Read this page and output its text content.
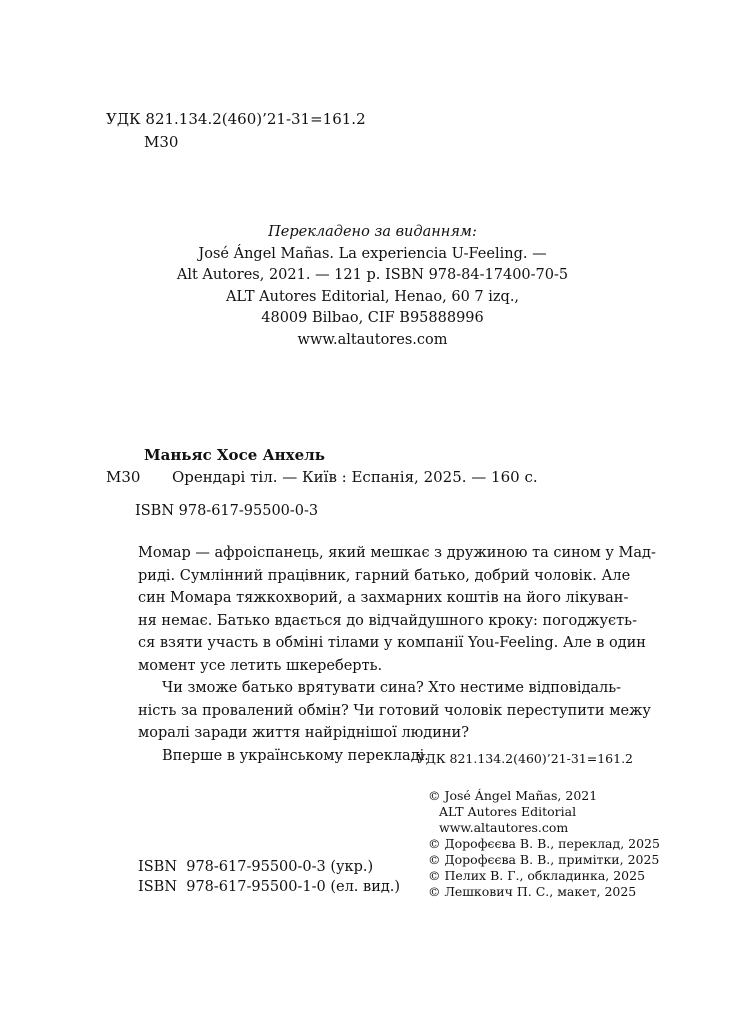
УДК 821.134.2(460)’21-31=161.2
М30
Перекладено за виданням:
José Ángel Mañas. La experiencia U-Feeling. —
Alt Autores, 2021. — 121 p. ISBN 978-84-17400-70-5
ALT Autores Editorial, Henao, 60 7 izq.,
48009 Bilbao, CIF B95888996
www.altautores.com
Маньяс Хосе Анхель
М30 Орендарі тіл. — Київ : Еспанія, 2025. — 160 с.
ISBN 978-617-95500-0-3
Момар — афроіспанець, який мешкає з дружиною та сином у Мад-
риді. Сумлінний працівник, гарний батько, добрий чоловік. Але
син Момара тяжкохворий, а захмарних коштів на його лікуван-
ня немає. Батько вдається до відчайдушного кроку: погоджуєть-
ся взяти участь в обміні тілами у компанії You-Feeling. Але в один
момент усе летить шкереберть.
Чи зможе батько врятувати сина? Хто нестиме відповідаль-
ність за провалений обмін? Чи готовий чоловік переступити межу
моралі заради життя найріднішої людини?
Вперше в українському перекладі.
УДК 821.134.2(460)’21-31=161.2
© José Ángel Mañas, 2021
ALT Autores Editorial
www.altautores.com
© Дорофєєва В. В., переклад, 2025
© Дорофєєва В. В., примітки, 2025
© Пелих В. Г., обкладинка, 2025
© Лешкович П. С., макет, 2025
ISBN  978-617-95500-0-3 (укр.)
ISBN  978-617-95500-1-0 (ел. вид.)
